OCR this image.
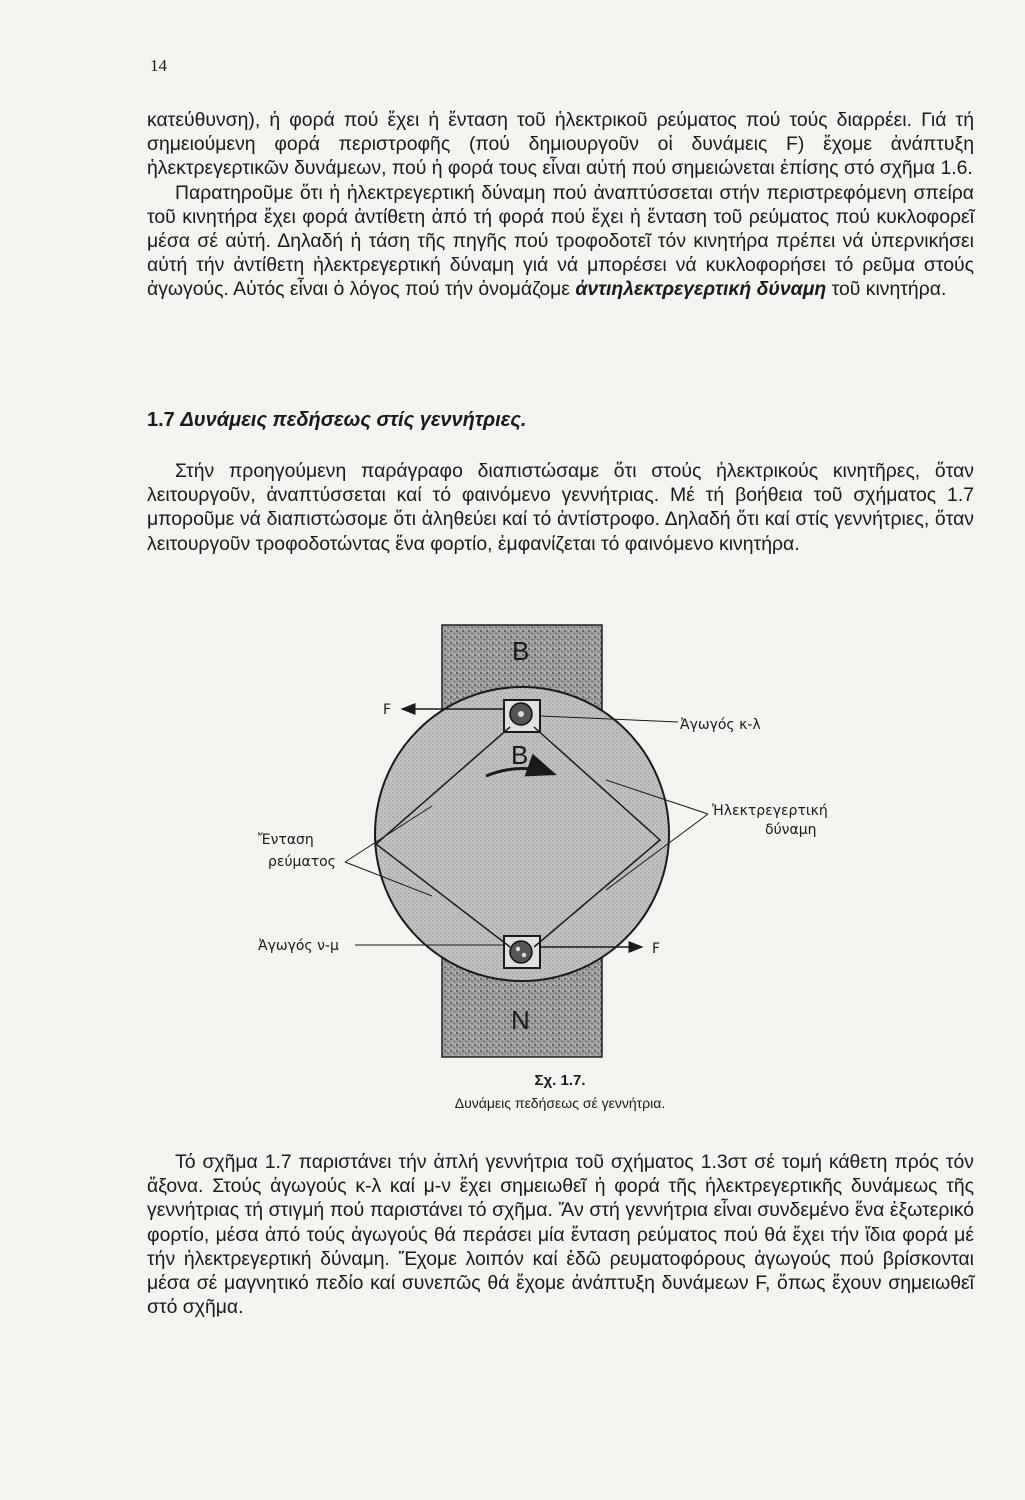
14

κατεύθυνση), ἡ φορά πού ἔχει ἡ ἔνταση τοῦ ἡλεκτρικοῦ ρεύματος πού τούς διαρρέει. Γιά τή σημειούμενη φορά περιστροφῆς (πού δημιουργοῦν οἱ δυνάμεις F) ἔχομε ἀνάπτυξη ἡλεκτρεγερτικῶν δυνάμεων, πού ἡ φορά τους εἶναι αὐτή πού σημειώνεται ἐπίσης στό σχῆμα 1.6.

Παρατηροῦμε ὅτι ἡ ἡλεκτρεγερτική δύναμη πού ἀναπτύσσεται στήν περιστρεφόμενη σπείρα τοῦ κινητήρα ἔχει φορά ἀντίθετη ἀπό τή φορά πού ἔχει ἡ ἔνταση τοῦ ρεύματος πού κυκλοφορεῖ μέσα σέ αὐτή. Δηλαδή ἡ τάση τῆς πηγῆς πού τροφοδοτεῖ τόν κινητήρα πρέπει νά ὑπερνικήσει αὐτή τήν ἀντίθετη ἡλεκτρεγερτική δύναμη γιά νά μπορέσει νά κυκλοφορήσει τό ρεῦμα στούς ἀγωγούς. Αὐτός εἶναι ὁ λόγος πού τήν ὀνομάζομε ἀντιηλεκτρεγερτική δύναμη τοῦ κινητήρα.

1.7 Δυνάμεις πεδήσεως στίς γεννήτριες.

Στήν προηγούμενη παράγραφο διαπιστώσαμε ὅτι στούς ἡλεκτρικούς κινητῆρες, ὅταν λειτουργοῦν, ἀναπτύσσεται καί τό φαινόμενο γεννήτριας. Μέ τή βοήθεια τοῦ σχήματος 1.7 μποροῦμε νά διαπιστώσομε ὅτι ἀληθεύει καί τό ἀντίστροφο. Δηλαδή ὅτι καί στίς γεννήτριες, ὅταν λειτουργοῦν τροφοδοτώντας ἕνα φορτίο, ἐμφανίζεται τό φαινόμενο κινητήρα.

B
N
B
F
F
Ἀγωγός κ-λ
Ἠλεκτρεγερτική
δύναμη
Ἔνταση
ρεύματος
Ἀγωγός ν-μ
Σχ. 1.7.
Δυνάμεις πεδήσεως σέ γεννήτρια.

Τό σχῆμα 1.7 παριστάνει τήν ἁπλή γεννήτρια τοῦ σχήματος 1.3στ σέ τομή κάθετη πρός τόν ἄξονα. Στούς ἀγωγούς κ-λ καί μ-ν ἔχει σημειωθεῖ ἡ φορά τῆς ἡλεκτρεγερτικῆς δυνάμεως τῆς γεννήτριας τή στιγμή πού παριστάνει τό σχῆμα. Ἄν στή γεννήτρια εἶναι συνδεμένο ἕνα ἐξωτερικό φορτίο, μέσα ἀπό τούς ἀγωγούς θά περάσει μία ἔνταση ρεύματος πού θά ἔχει τήν ἴδια φορά μέ τήν ἡλεκτρεγερτική δύναμη. Ἔχομε λοιπόν καί ἐδῶ ρευματοφόρους ἀγωγούς πού βρίσκονται μέσα σέ μαγνητικό πεδίο καί συνεπῶς θά ἔχομε ἀνάπτυξη δυνάμεων F, ὅπως ἔχουν σημειωθεῖ στό σχῆμα.
